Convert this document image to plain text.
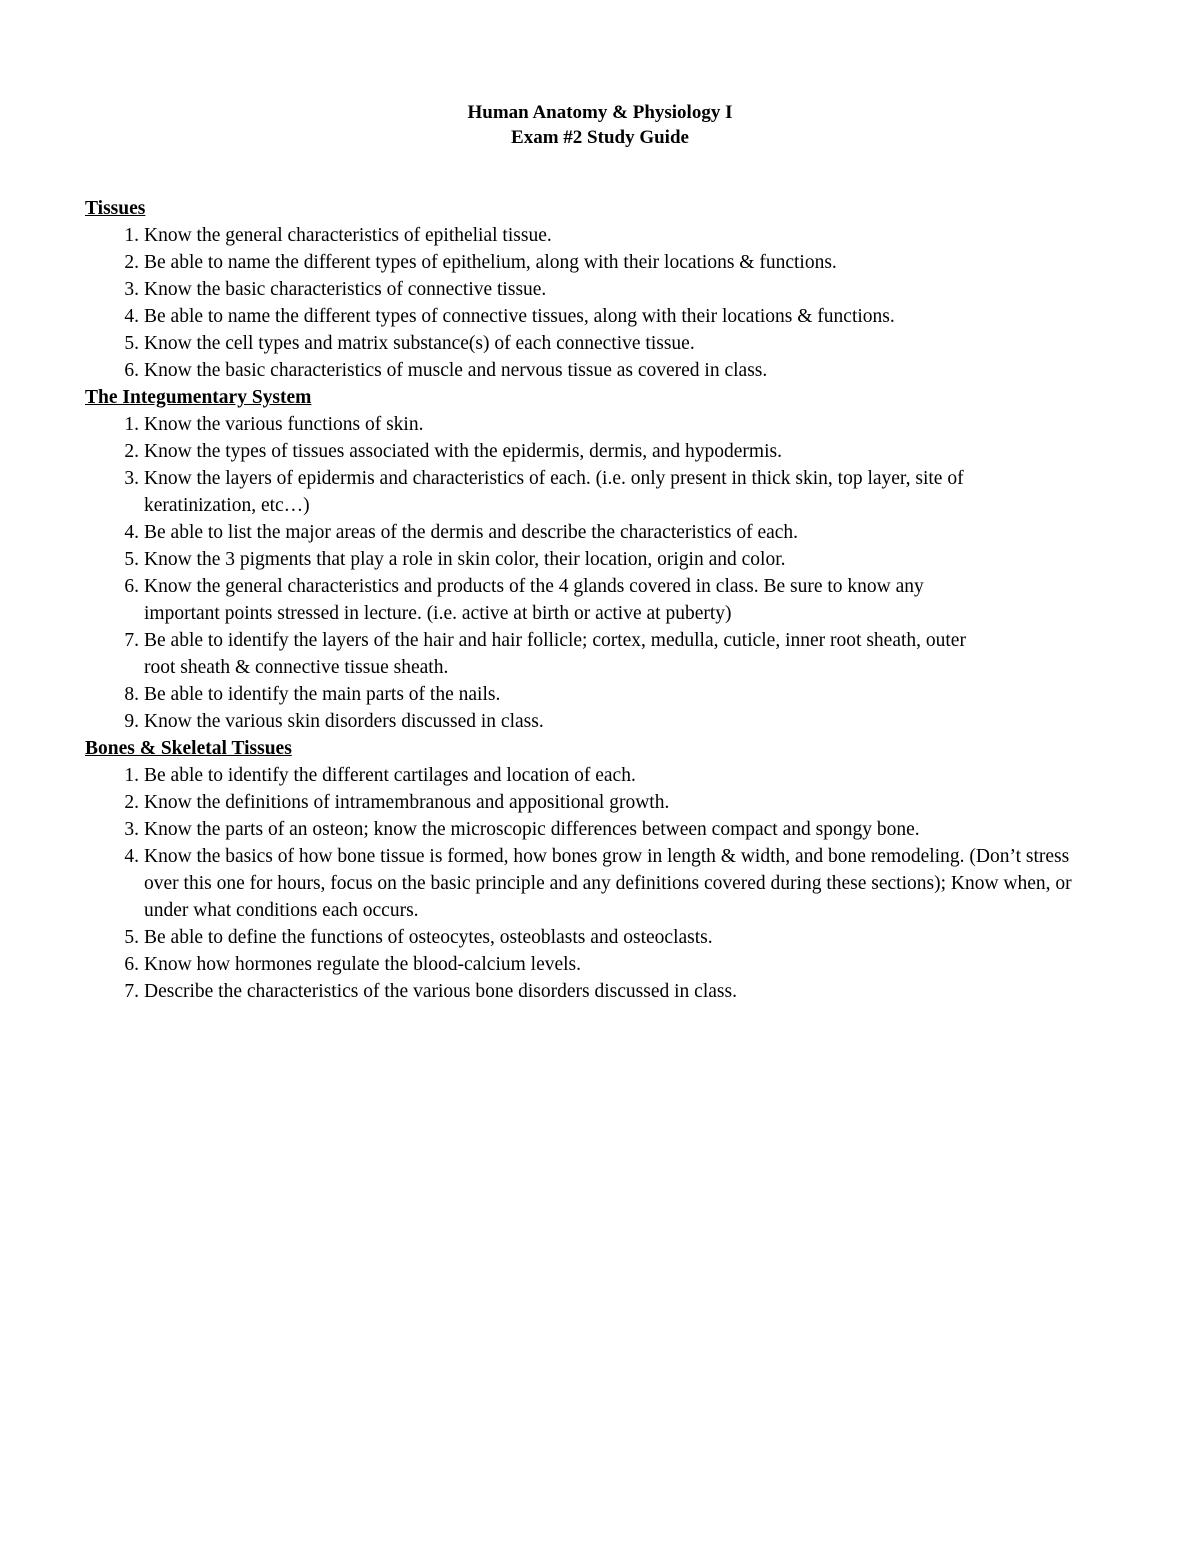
Human Anatomy & Physiology I
Exam #2 Study Guide
Tissues
1. Know the general characteristics of epithelial tissue.
2. Be able to name the different types of epithelium, along with their locations & functions.
3. Know the basic characteristics of connective tissue.
4. Be able to name the different types of connective tissues, along with their locations & functions.
5. Know the cell types and matrix substance(s) of each connective tissue.
6. Know the basic characteristics of muscle and nervous tissue as covered in class.
The Integumentary System
1. Know the various functions of skin.
2. Know the types of tissues associated with the epidermis, dermis, and hypodermis.
3. Know the layers of epidermis and characteristics of each. (i.e. only present in thick skin, top layer, site of keratinization, etc…)
4. Be able to list the major areas of the dermis and describe the characteristics of each.
5. Know the 3 pigments that play a role in skin color, their location, origin and color.
6. Know the general characteristics and products of the 4 glands covered in class. Be sure to know any important points stressed in lecture. (i.e. active at birth or active at puberty)
7. Be able to identify the layers of the hair and hair follicle; cortex, medulla, cuticle, inner root sheath, outer root sheath & connective tissue sheath.
8. Be able to identify the main parts of the nails.
9. Know the various skin disorders discussed in class.
Bones & Skeletal Tissues
1. Be able to identify the different cartilages and location of each.
2. Know the definitions of intramembranous and appositional growth.
3. Know the parts of an osteon; know the microscopic differences between compact and spongy bone.
4. Know the basics of how bone tissue is formed, how bones grow in length & width, and bone remodeling. (Don’t stress over this one for hours, focus on the basic principle and any definitions covered during these sections); Know when, or under what conditions each occurs.
5. Be able to define the functions of osteocytes, osteoblasts and osteoclasts.
6. Know how hormones regulate the blood-calcium levels.
7. Describe the characteristics of the various bone disorders discussed in class.
